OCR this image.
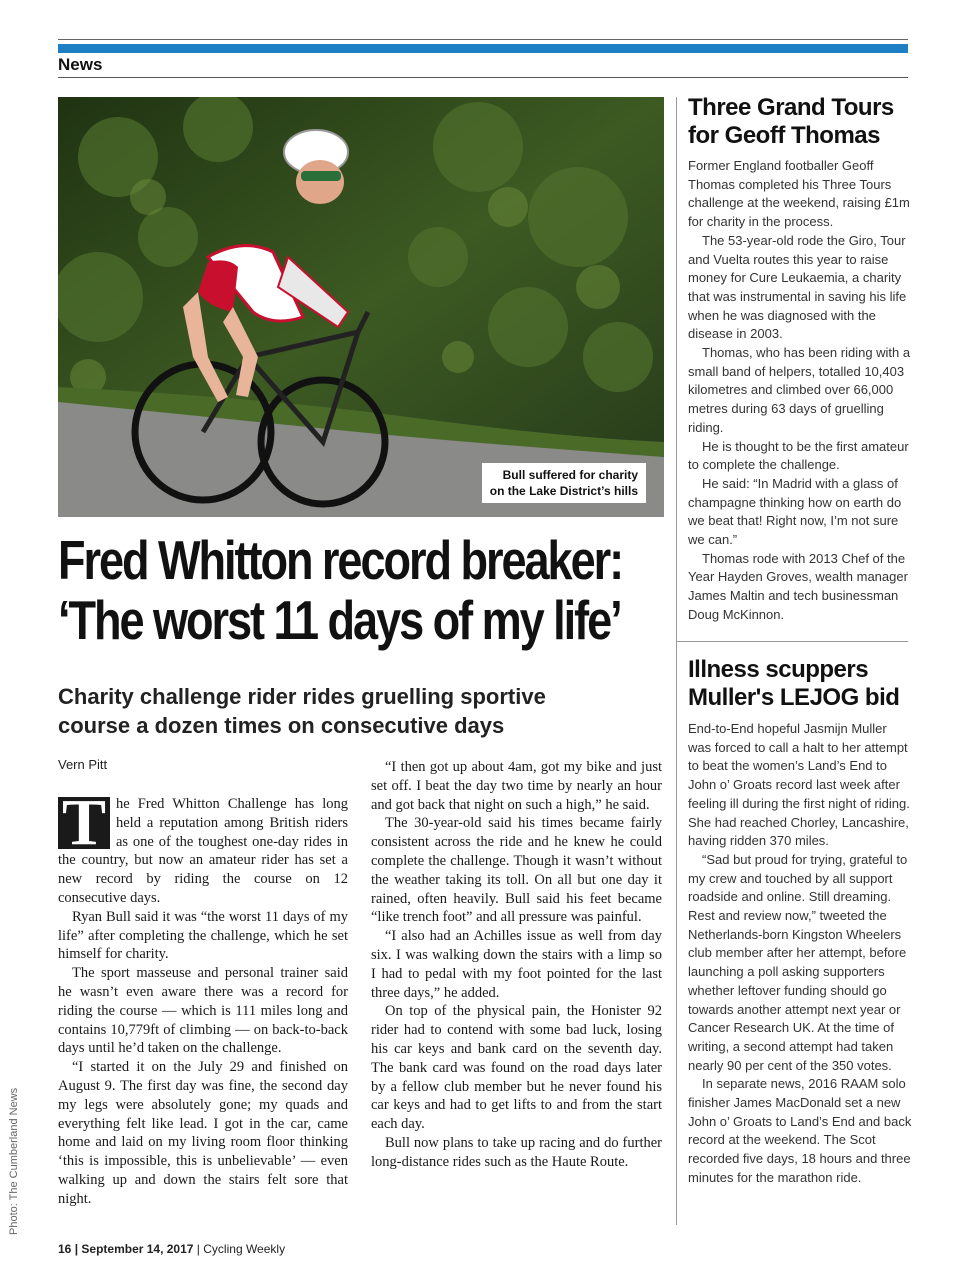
News
Bull suffered for charity
on the Lake District’s hills
Photo: The Cumberland News
Fred Whitton record breaker:
‘The worst 11 days of my life’
Charity challenge rider rides gruelling sportive
course a dozen times on consecutive days
Vern Pitt

T he Fred Whitton Challenge has long held a reputation among British riders as one of the toughest one-day rides in the country, but now an amateur rider has set a new record by riding the course on 12 consecutive days.

Ryan Bull said it was “the worst 11 days of my life” after completing the challenge, which he set himself for charity.

The sport masseuse and personal trainer said he wasn’t even aware there was a record for riding the course — which is 111 miles long and contains 10,779ft of climbing — on back-to-back days until he’d taken on the challenge.

“I started it on the July 29 and finished on August 9. The first day was fine, the second day my legs were absolutely gone; my quads and everything felt like lead. I got in the car, came home and laid on my living room floor thinking ‘this is impossible, this is unbelievable’ — even walking up and down the stairs felt sore that night.

“I then got up about 4am, got my bike and just set off. I beat the day two time by nearly an hour and got back that night on such a high,” he said.

The 30-year-old said his times became fairly consistent across the ride and he knew he could complete the challenge. Though it wasn’t without the weather taking its toll. On all but one day it rained, often heavily. Bull said his feet became “like trench foot” and all pressure was painful.

“I also had an Achilles issue as well from day six. I was walking down the stairs with a limp so I had to pedal with my foot pointed for the last three days,” he added.

On top of the physical pain, the Honister 92 rider had to contend with some bad luck, losing his car keys and bank card on the seventh day. The bank card was found on the road days later by a fellow club member but he never found his car keys and had to get lifts to and from the start each day.

Bull now plans to take up racing and do further long-distance rides such as the Haute Route.

Three Grand Tours
for Geoff Thomas

Former England footballer Geoff Thomas completed his Three Tours challenge at the weekend, raising £1m for charity in the process.

The 53-year-old rode the Giro, Tour and Vuelta routes this year to raise money for Cure Leukaemia, a charity that was instrumental in saving his life when he was diagnosed with the disease in 2003.

Thomas, who has been riding with a small band of helpers, totalled 10,403 kilometres and climbed over 66,000 metres during 63 days of gruelling riding.

He is thought to be the first amateur to complete the challenge.

He said: “In Madrid with a glass of champagne thinking how on earth do we beat that! Right now, I’m not sure we can.”

Thomas rode with 2013 Chef of the Year Hayden Groves, wealth manager James Maltin and tech businessman Doug McKinnon.

Illness scuppers
Muller's LEJOG bid

End-to-End hopeful Jasmijn Muller was forced to call a halt to her attempt to beat the women’s Land’s End to John o’ Groats record last week after feeling ill during the first night of riding. She had reached Chorley, Lancashire, having ridden 370 miles.

“Sad but proud for trying, grateful to my crew and touched by all support roadside and online. Still dreaming. Rest and review now,” tweeted the Netherlands-born Kingston Wheelers club member after her attempt, before launching a poll asking supporters whether leftover funding should go towards another attempt next year or Cancer Research UK. At the time of writing, a second attempt had taken nearly 90 per cent of the 350 votes.

In separate news, 2016 RAAM solo finisher James MacDonald set a new John o’ Groats to Land’s End and back record at the weekend. The Scot recorded five days, 18 hours and three minutes for the marathon ride.

16 | September 14, 2017 | Cycling Weekly
